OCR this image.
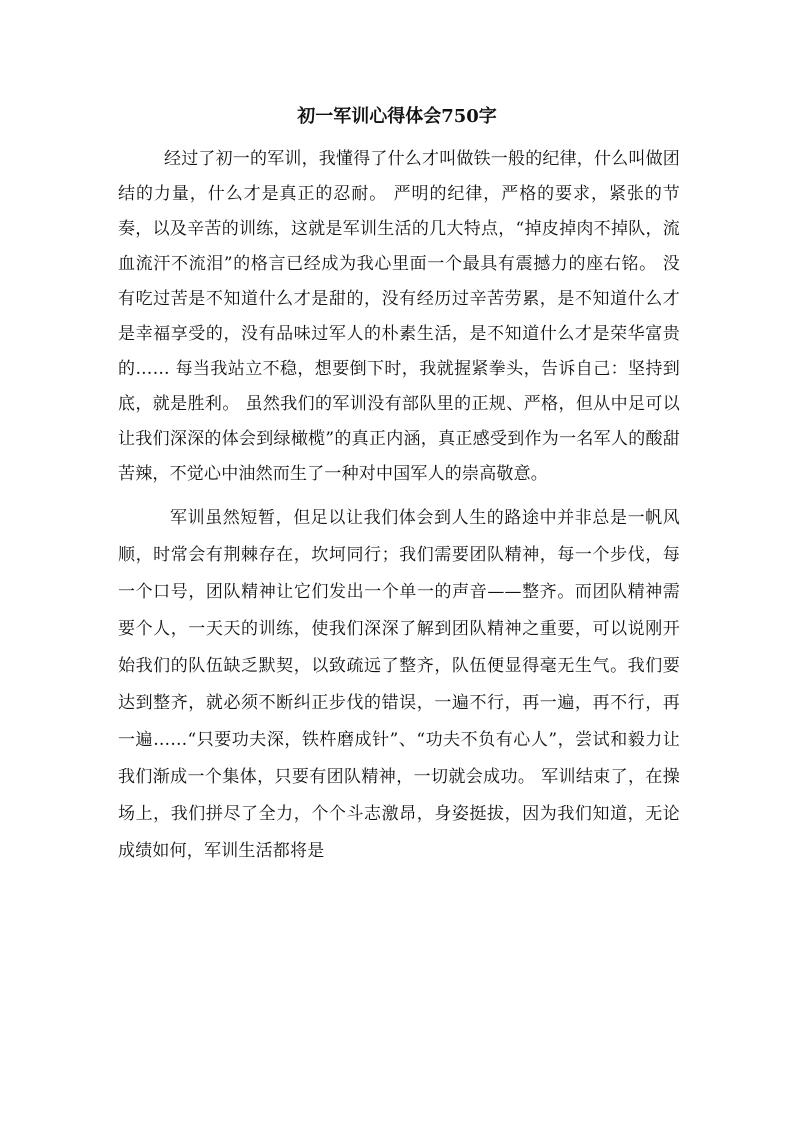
初一军训心得体会750字

经过了初一的军训，我懂得了什么才叫做铁一般的纪律，什么叫做团结的力量，什么才是真正的忍耐。 严明的纪律，严格的要求，紧张的节奏，以及辛苦的训练，这就是军训生活的几大特点，“掉皮掉肉不掉队，流血流汗不流泪”的格言已经成为我心里面一个最具有震撼力的座右铭。 没有吃过苦是不知道什么才是甜的，没有经历过辛苦劳累，是不知道什么才是幸福享受的，没有品味过军人的朴素生活，是不知道什么才是荣华富贵的…… 每当我站立不稳，想要倒下时，我就握紧拳头，告诉自己：坚持到底，就是胜利。 虽然我们的军训没有部队里的正规、严格，但从中足可以让我们深深的体会到绿橄榄”的真正内涵，真正感受到作为一名军人的酸甜苦辣，不觉心中油然而生了一种对中国军人的崇高敬意。

军训虽然短暂，但足以让我们体会到人生的路途中并非总是一帆风顺，时常会有荆棘存在，坎坷同行；我们需要团队精神，每一个步伐，每一个口号，团队精神让它们发出一个单一的声音——整齐。而团队精神需要个人，一天天的训练，使我们深深了解到团队精神之重要，可以说刚开始我们的队伍缺乏默契，以致疏远了整齐，队伍便显得毫无生气。我们要达到整齐，就必须不断纠正步伐的错误，一遍不行，再一遍，再不行，再一遍……“只要功夫深，铁杵磨成针”、“功夫不负有心人”，尝试和毅力让我们渐成一个集体，只要有团队精神，一切就会成功。 军训结束了，在操场上，我们拼尽了全力，个个斗志激昂，身姿挺拔，因为我们知道，无论成绩如何，军训生活都将是
